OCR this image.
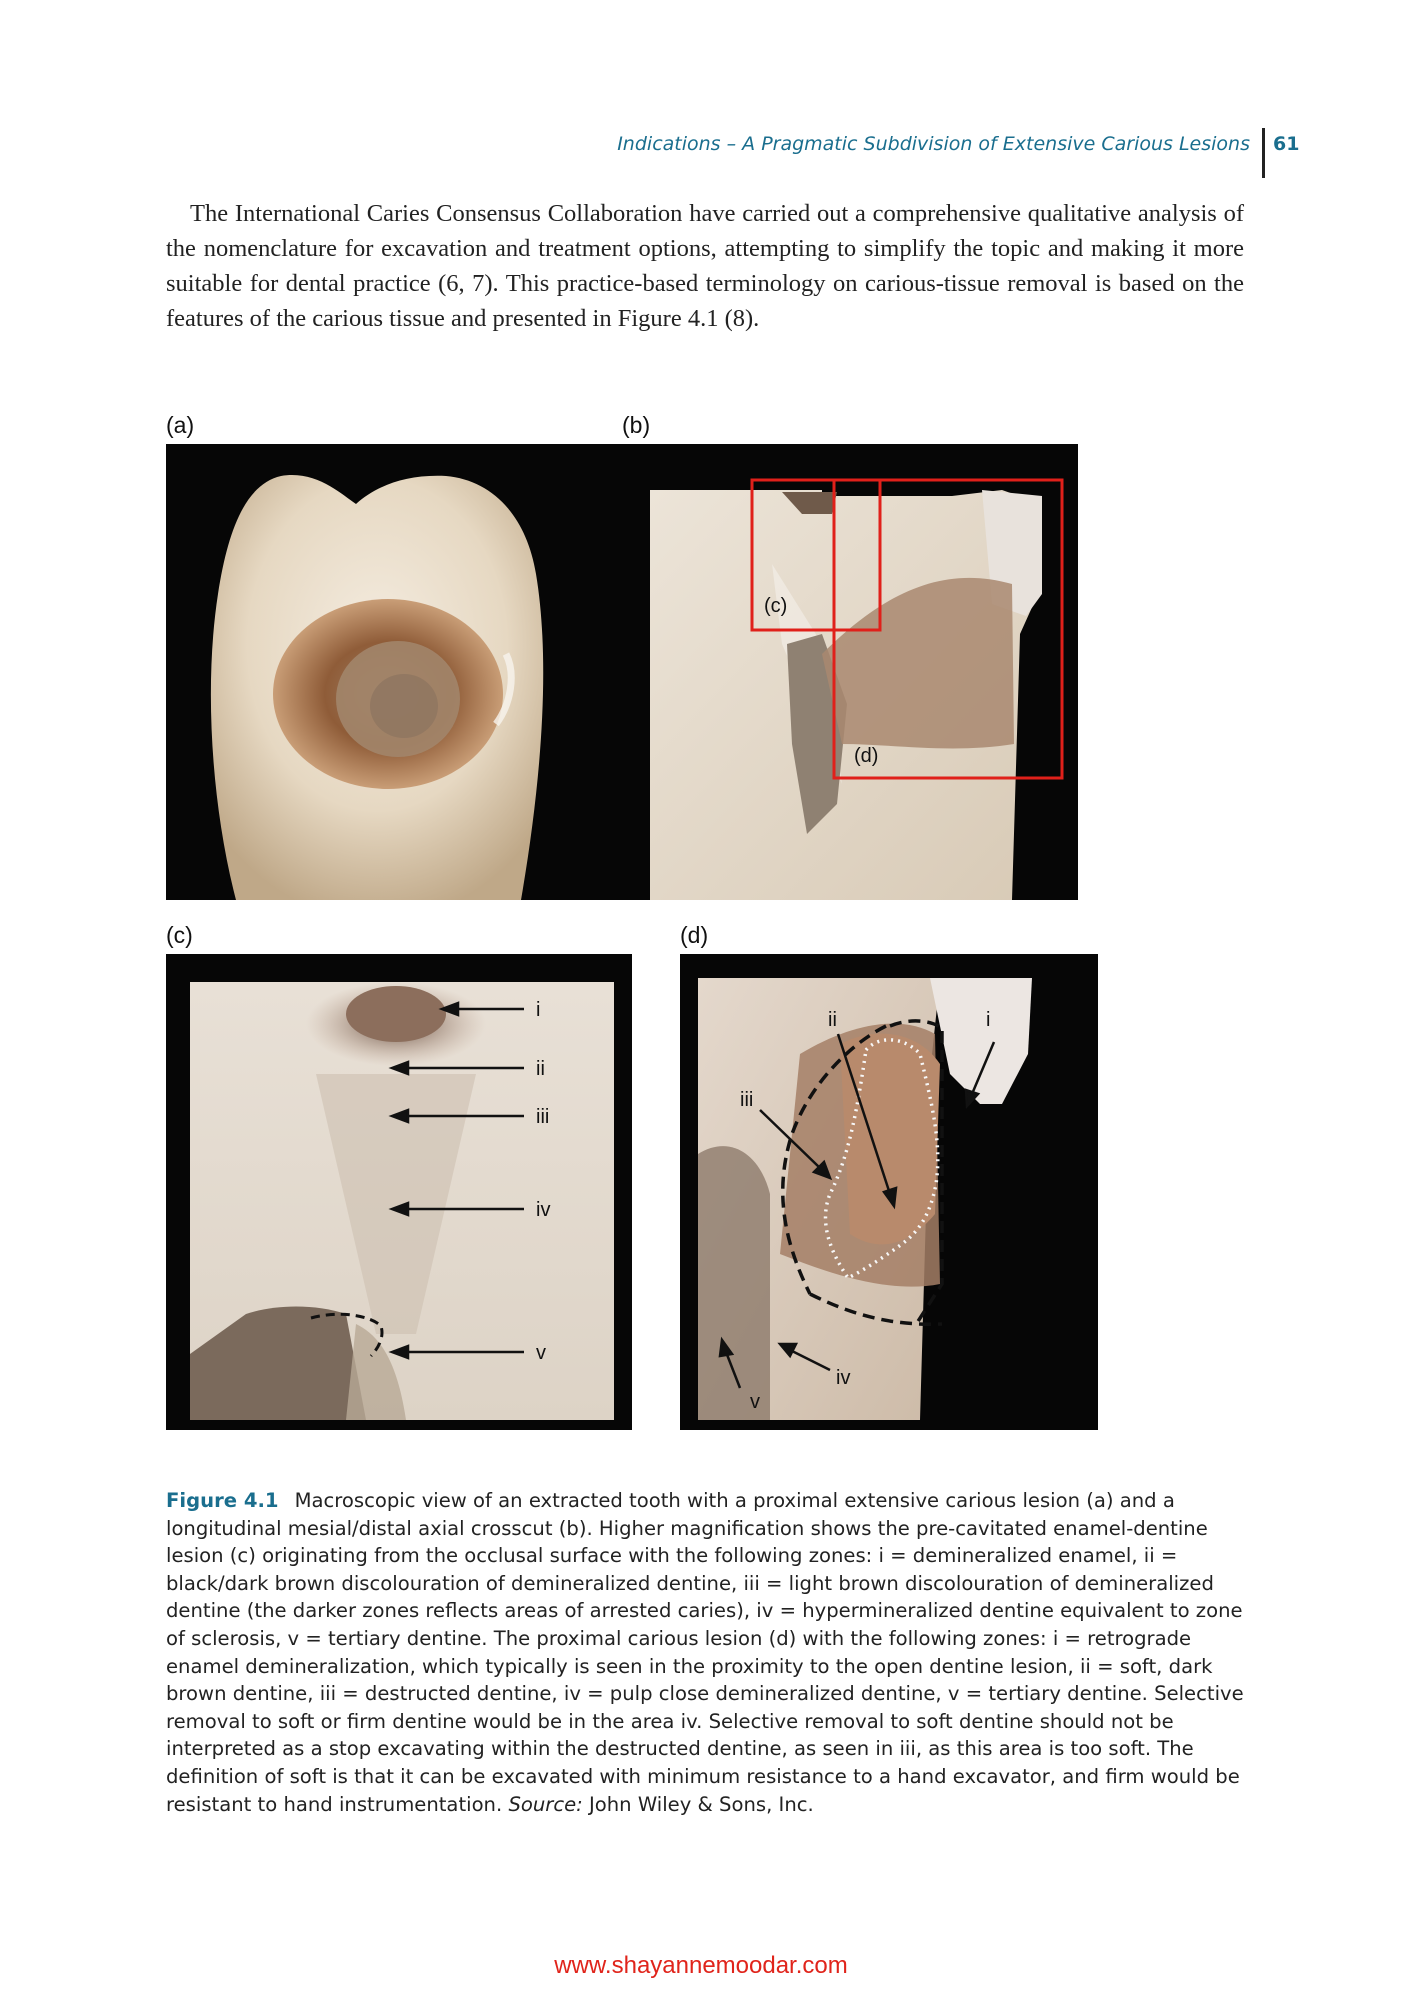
Indications – A Pragmatic Subdivision of Extensive Carious Lesions 61

The International Caries Consensus Collaboration have carried out a comprehensive qualitative analysis of the nomenclature for excavation and treatment options, attempting to simplify the topic and making it more suitable for dental practice (6, 7). This practice-based terminology on carious-tissue removal is based on the features of the carious tissue and presented in Figure 4.1 (8).

(a)	(b)
(c)	(d)
(c)
(d)
i
ii
iii
iv
v
ii	i
iii
iv
v

Figure 4.1 Macroscopic view of an extracted tooth with a proximal extensive carious lesion (a) and a longitudinal mesial/distal axial crosscut (b). Higher magnification shows the pre-cavitated enamel-dentine lesion (c) originating from the occlusal surface with the following zones: i = demineralized enamel, ii = black/dark brown discolouration of demineralized dentine, iii = light brown discolouration of demineralized dentine (the darker zones reflects areas of arrested caries), iv = hypermineralized dentine equivalent to zone of sclerosis, v = tertiary dentine. The proximal carious lesion (d) with the following zones: i = retrograde enamel demineralization, which typically is seen in the proximity to the open dentine lesion, ii = soft, dark brown dentine, iii = destructed dentine, iv = pulp close demineralized dentine, v = tertiary dentine. Selective removal to soft or firm dentine would be in the area iv. Selective removal to soft dentine should not be interpreted as a stop excavating within the destructed dentine, as seen in iii, as this area is too soft. The definition of soft is that it can be excavated with minimum resistance to a hand excavator, and firm would be resistant to hand instrumentation. Source: John Wiley & Sons, Inc.

www.shayannemoodar.com
